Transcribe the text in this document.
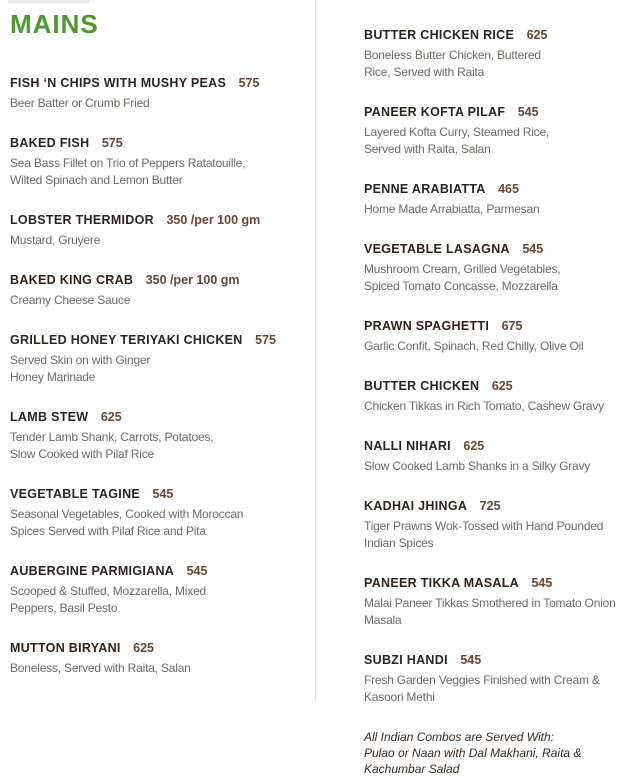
MAINS
FISH ‘N CHIPS WITH MUSHY PEAS 575
Beer Batter or Crumb Fried
BAKED FISH 575
Sea Bass Fillet on Trio of Peppers Ratatouille,
Wilted Spinach and Lemon Butter
LOBSTER THERMIDOR 350 /per 100 gm
Mustard, Gruyere
BAKED KING CRAB 350 /per 100 gm
Creamy Cheese Sauce
GRILLED HONEY TERIYAKI CHICKEN 575
Served Skin on with Ginger
Honey Marinade
LAMB STEW 625
Tender Lamb Shank, Carrots, Potatoes,
Slow Cooked with Pilaf Rice
VEGETABLE TAGINE 545
Seasonal Vegetables, Cooked with Moroccan
Spices Served with Pilaf Rice and Pita
AUBERGINE PARMIGIANA 545
Scooped & Stuffed, Mozzarella, Mixed
Peppers, Basil Pesto
MUTTON BIRYANI 625
Boneless, Served with Raita, Salan
BUTTER CHICKEN RICE 625
Boneless Butter Chicken, Buttered
Rice, Served with Raita
PANEER KOFTA PILAF 545
Layered Kofta Curry, Steamed Rice,
Served with Raita, Salan
PENNE ARABIATTA 465
Home Made Arrabiatta, Parmesan
VEGETABLE LASAGNA 545
Mushroom Cream, Grilled Vegetables,
Spiced Tomato Concasse, Mozzarella
PRAWN SPAGHETTI 675
Garlic Confit, Spinach, Red Chilly, Olive Oil
BUTTER CHICKEN 625
Chicken Tikkas in Rich Tomato, Cashew Gravy
NALLI NIHARI 625
Slow Cooked Lamb Shanks in a Silky Gravy
KADHAI JHINGA 725
Tiger Prawns Wok-Tossed with Hand Pounded Indian Spices
PANEER TIKKA MASALA 545
Malai Paneer Tikkas Smothered in Tomato Onion Masala
SUBZI HANDI 545
Fresh Garden Veggies Finished with Cream & Kasoori Methi
All Indian Combos are Served With:
Pulao or Naan with Dal Makhani, Raita & Kachumbar Salad
